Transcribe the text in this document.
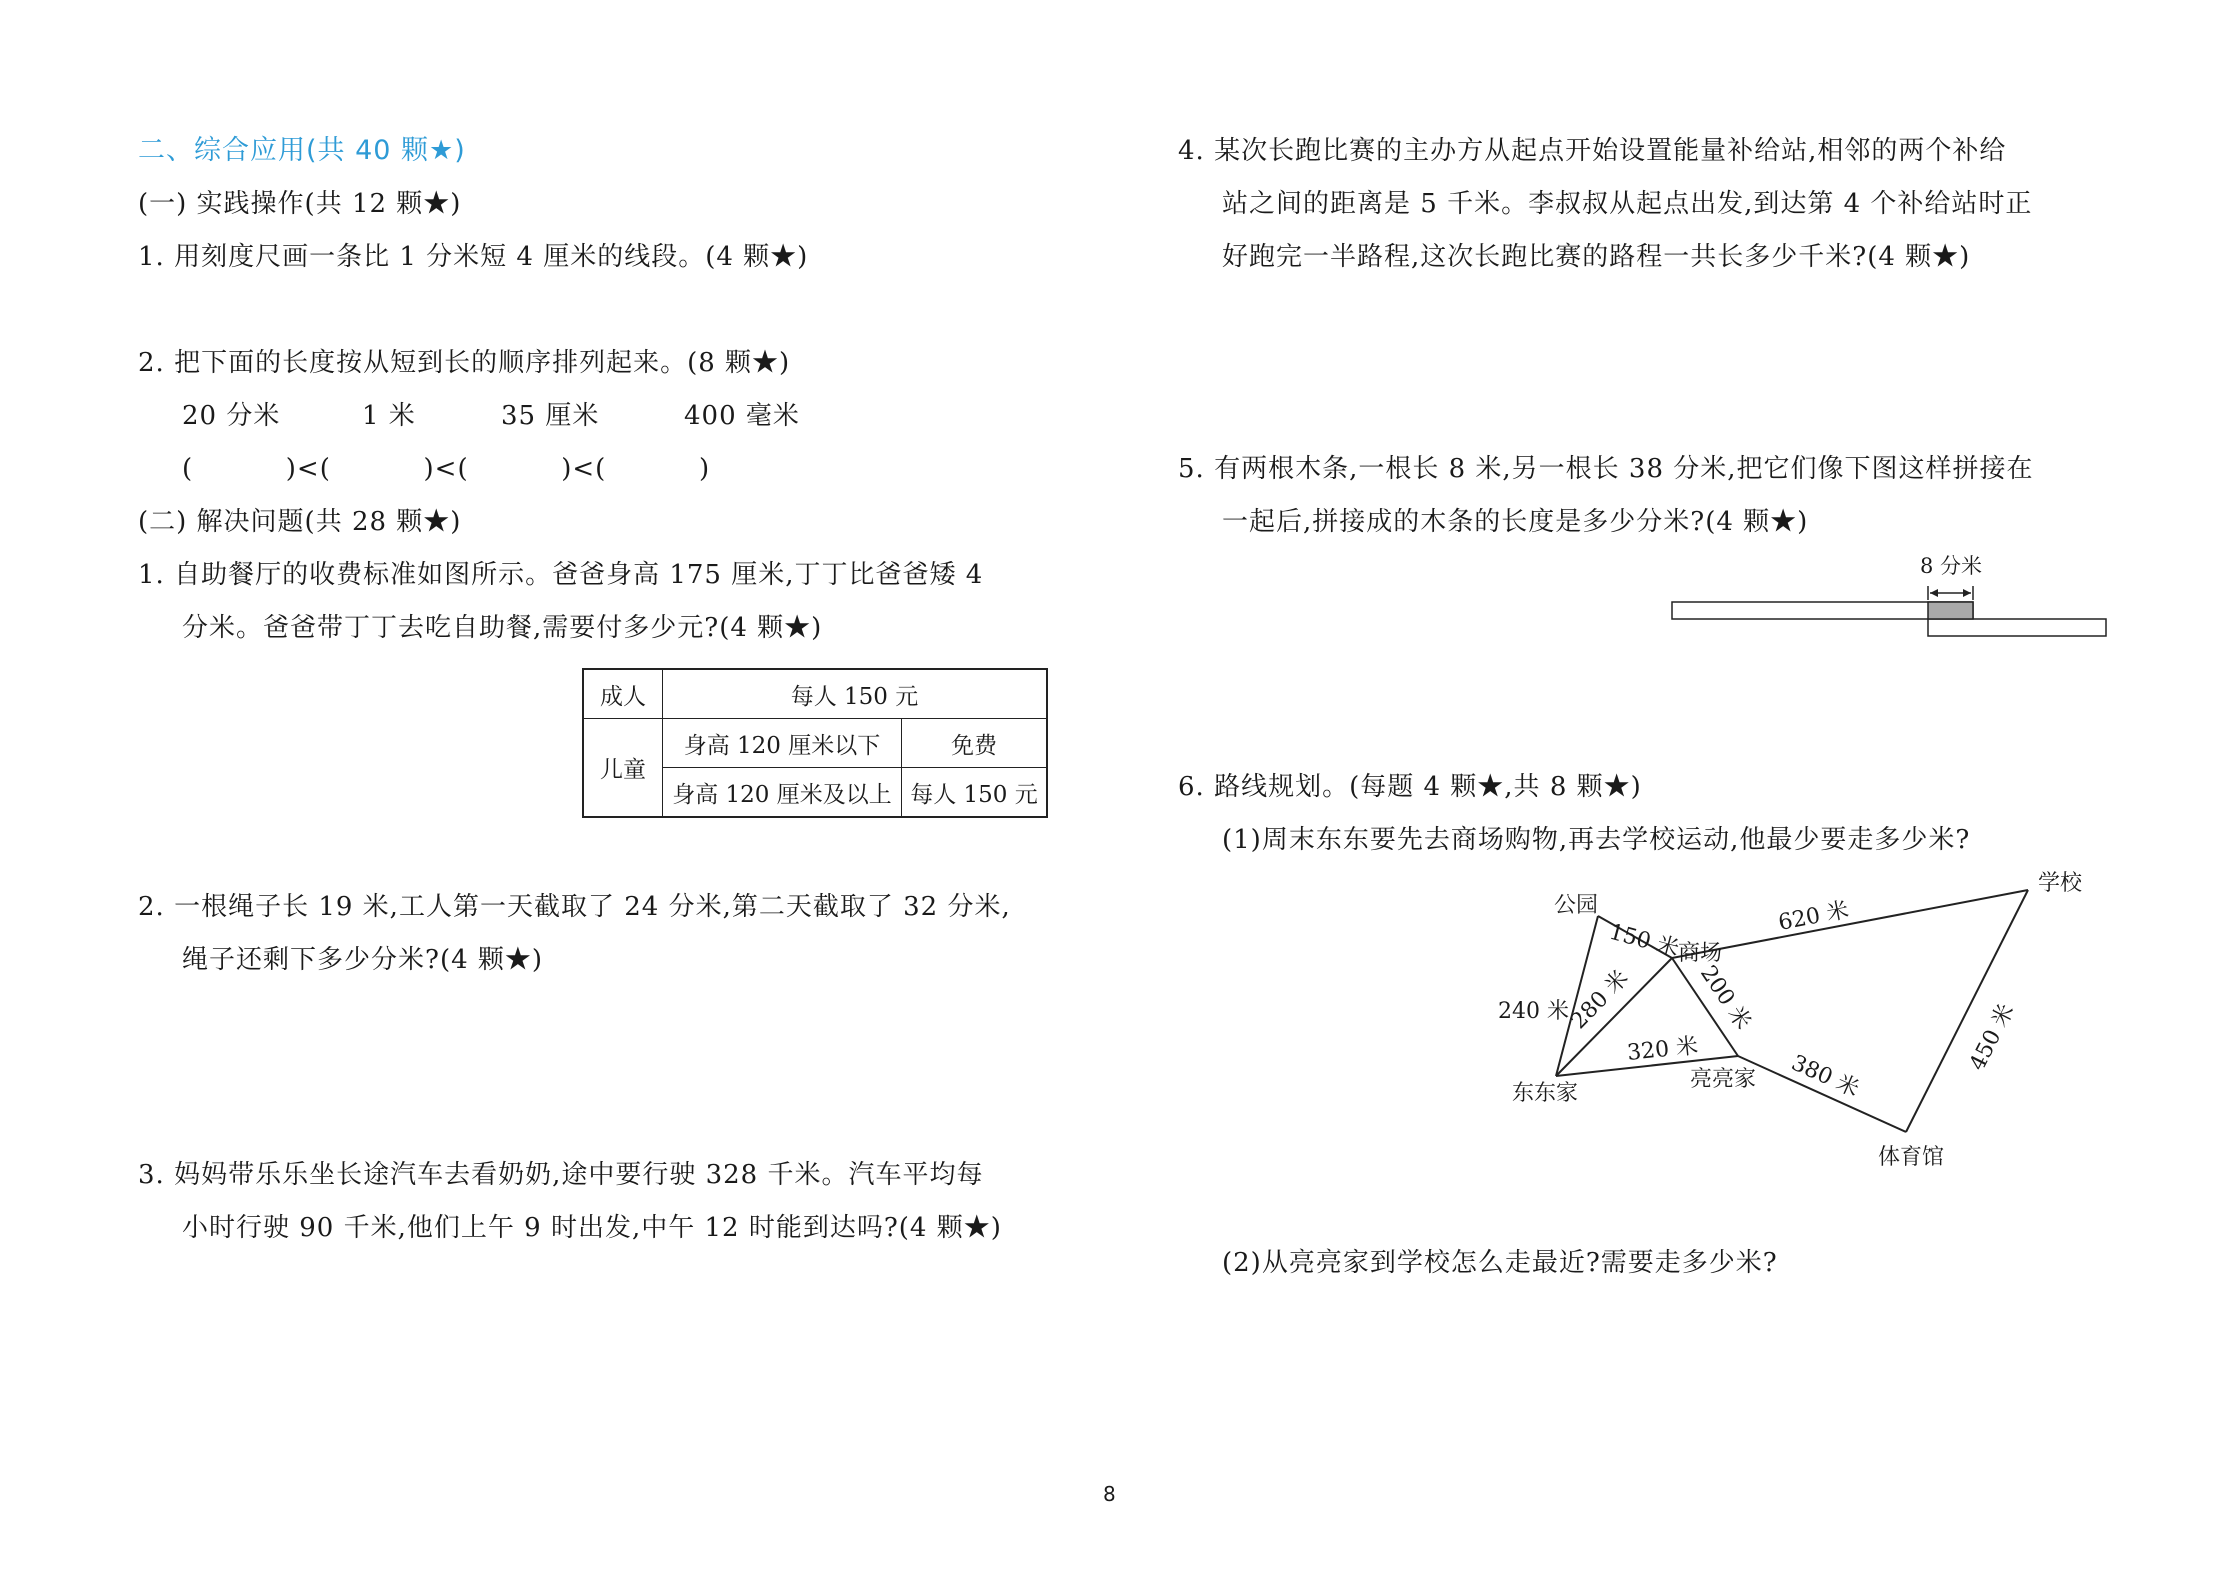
二、综合应用(共 40 颗★)
(一) 实践操作(共 12 颗★)
1. 用刻度尺画一条比 1 分米短 4 厘米的线段。(4 颗★)
2. 把下面的长度按从短到长的顺序排列起来。(8 颗★)
20 分米	1 米	35 厘米	400 毫米
(          )<(          )<(          )<(          )
(二) 解决问题(共 28 颗★)
1. 自助餐厅的收费标准如图所示。爸爸身高 175 厘米,丁丁比爸爸矮 4
分米。爸爸带丁丁去吃自助餐,需要付多少元?(4 颗★)
成人	每人 150 元	
儿童	身高 120 厘米以下	免费
	身高 120 厘米及以上	每人 150 元
2. 一根绳子长 19 米,工人第一天截取了 24 分米,第二天截取了 32 分米,
绳子还剩下多少分米?(4 颗★)
3. 妈妈带乐乐坐长途汽车去看奶奶,途中要行驶 328 千米。汽车平均每
小时行驶 90 千米,他们上午 9 时出发,中午 12 时能到达吗?(4 颗★)
4. 某次长跑比赛的主办方从起点开始设置能量补给站,相邻的两个补给
站之间的距离是 5 千米。李叔叔从起点出发,到达第 4 个补给站时正
好跑完一半路程,这次长跑比赛的路程一共长多少千米?(4 颗★)
5. 有两根木条,一根长 8 米,另一根长 38 分米,把它们像下图这样拼接在
一起后,拼接成的木条的长度是多少分米?(4 颗★)
8 分米
6. 路线规划。(每题 4 颗★,共 8 颗★)
(1)周末东东要先去商场购物,再去学校运动,他最少要走多少米?
公园
商场
学校
东东家
亮亮家
体育馆
150 米
620 米
240 米
280 米	200 米
320 米
380 米
450 米
(2)从亮亮家到学校怎么走最近?需要走多少米?
8
